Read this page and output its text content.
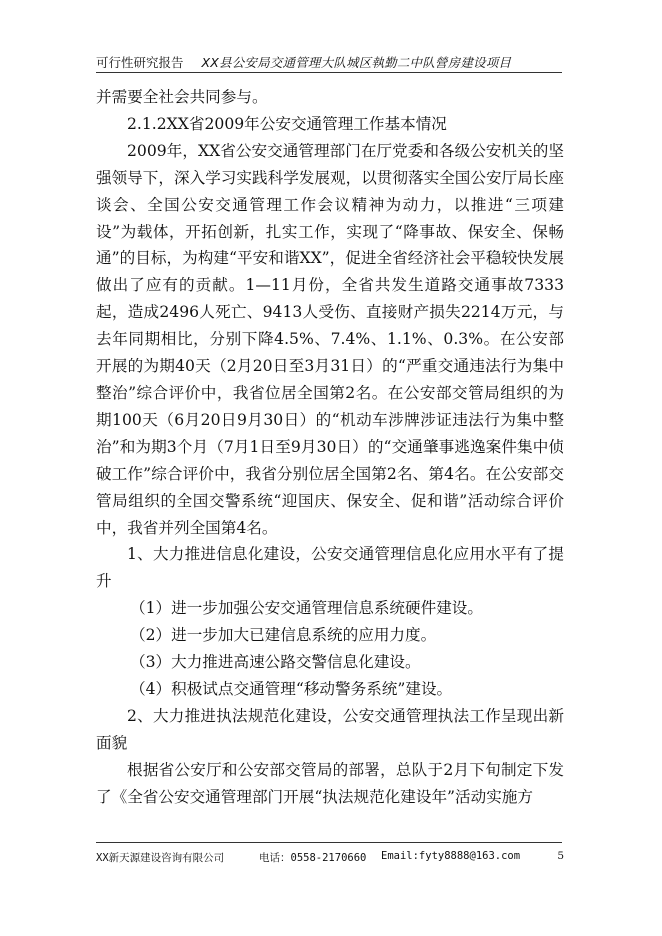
可行性研究报告 XX县公安局交通管理大队城区執勤二中队營房建设项目

并需要全社会共同参与。

2.1.2XX省2009年公安交通管理工作基本情况

2009年，XX省公安交通管理部门在厅党委和各级公安机关的坚强领导下，深入学习实践科学发展观，以贯彻落实全国公安厅局长座谈会、全国公安交通管理工作会议精神为动力，以推进“三项建设”为载体，开拓创新，扎实工作，实现了“降事故、保安全、保畅通”的目标，为构建“平安和谐XX”，促进全省经济社会平稳较快发展做出了应有的贡献。1—11月份，全省共发生道路交通事故7333起，造成2496人死亡、9413人受伤、直接财产损失2214万元，与去年同期相比，分别下降4.5%、7.4%、1.1%、0.3%。在公安部开展的为期40天（2月20日至3月31日）的“严重交通违法行为集中整治”综合评价中，我省位居全国第2名。在公安部交管局组织的为期100天（6月20日9月30日）的“机动车涉牌涉证违法行为集中整治”和为期3个月（7月1日至9月30日）的“交通肇事逃逸案件集中侦破工作”综合评价中，我省分别位居全国第2名、第4名。在公安部交管局组织的全国交警系统“迎国庆、保安全、促和谐”活动综合评价中，我省并列全国第4名。

1、大力推进信息化建设，公安交通管理信息化应用水平有了提升

（1）进一步加强公安交通管理信息系统硬件建设。

（2）进一步加大已建信息系统的应用力度。

（3）大力推进高速公路交警信息化建设。

（4）积极试点交通管理“移动警务系统”建设。

2、大力推进执法规范化建设，公安交通管理执法工作呈现出新面貌

根据省公安厅和公安部交管局的部署，总队于2月下旬制定下发了《全省公安交通管理部门开展“执法规范化建设年”活动实施方

XX新天源建设咨询有限公司	电话：0558-2170660 Email:fyty8888@163.com	5
